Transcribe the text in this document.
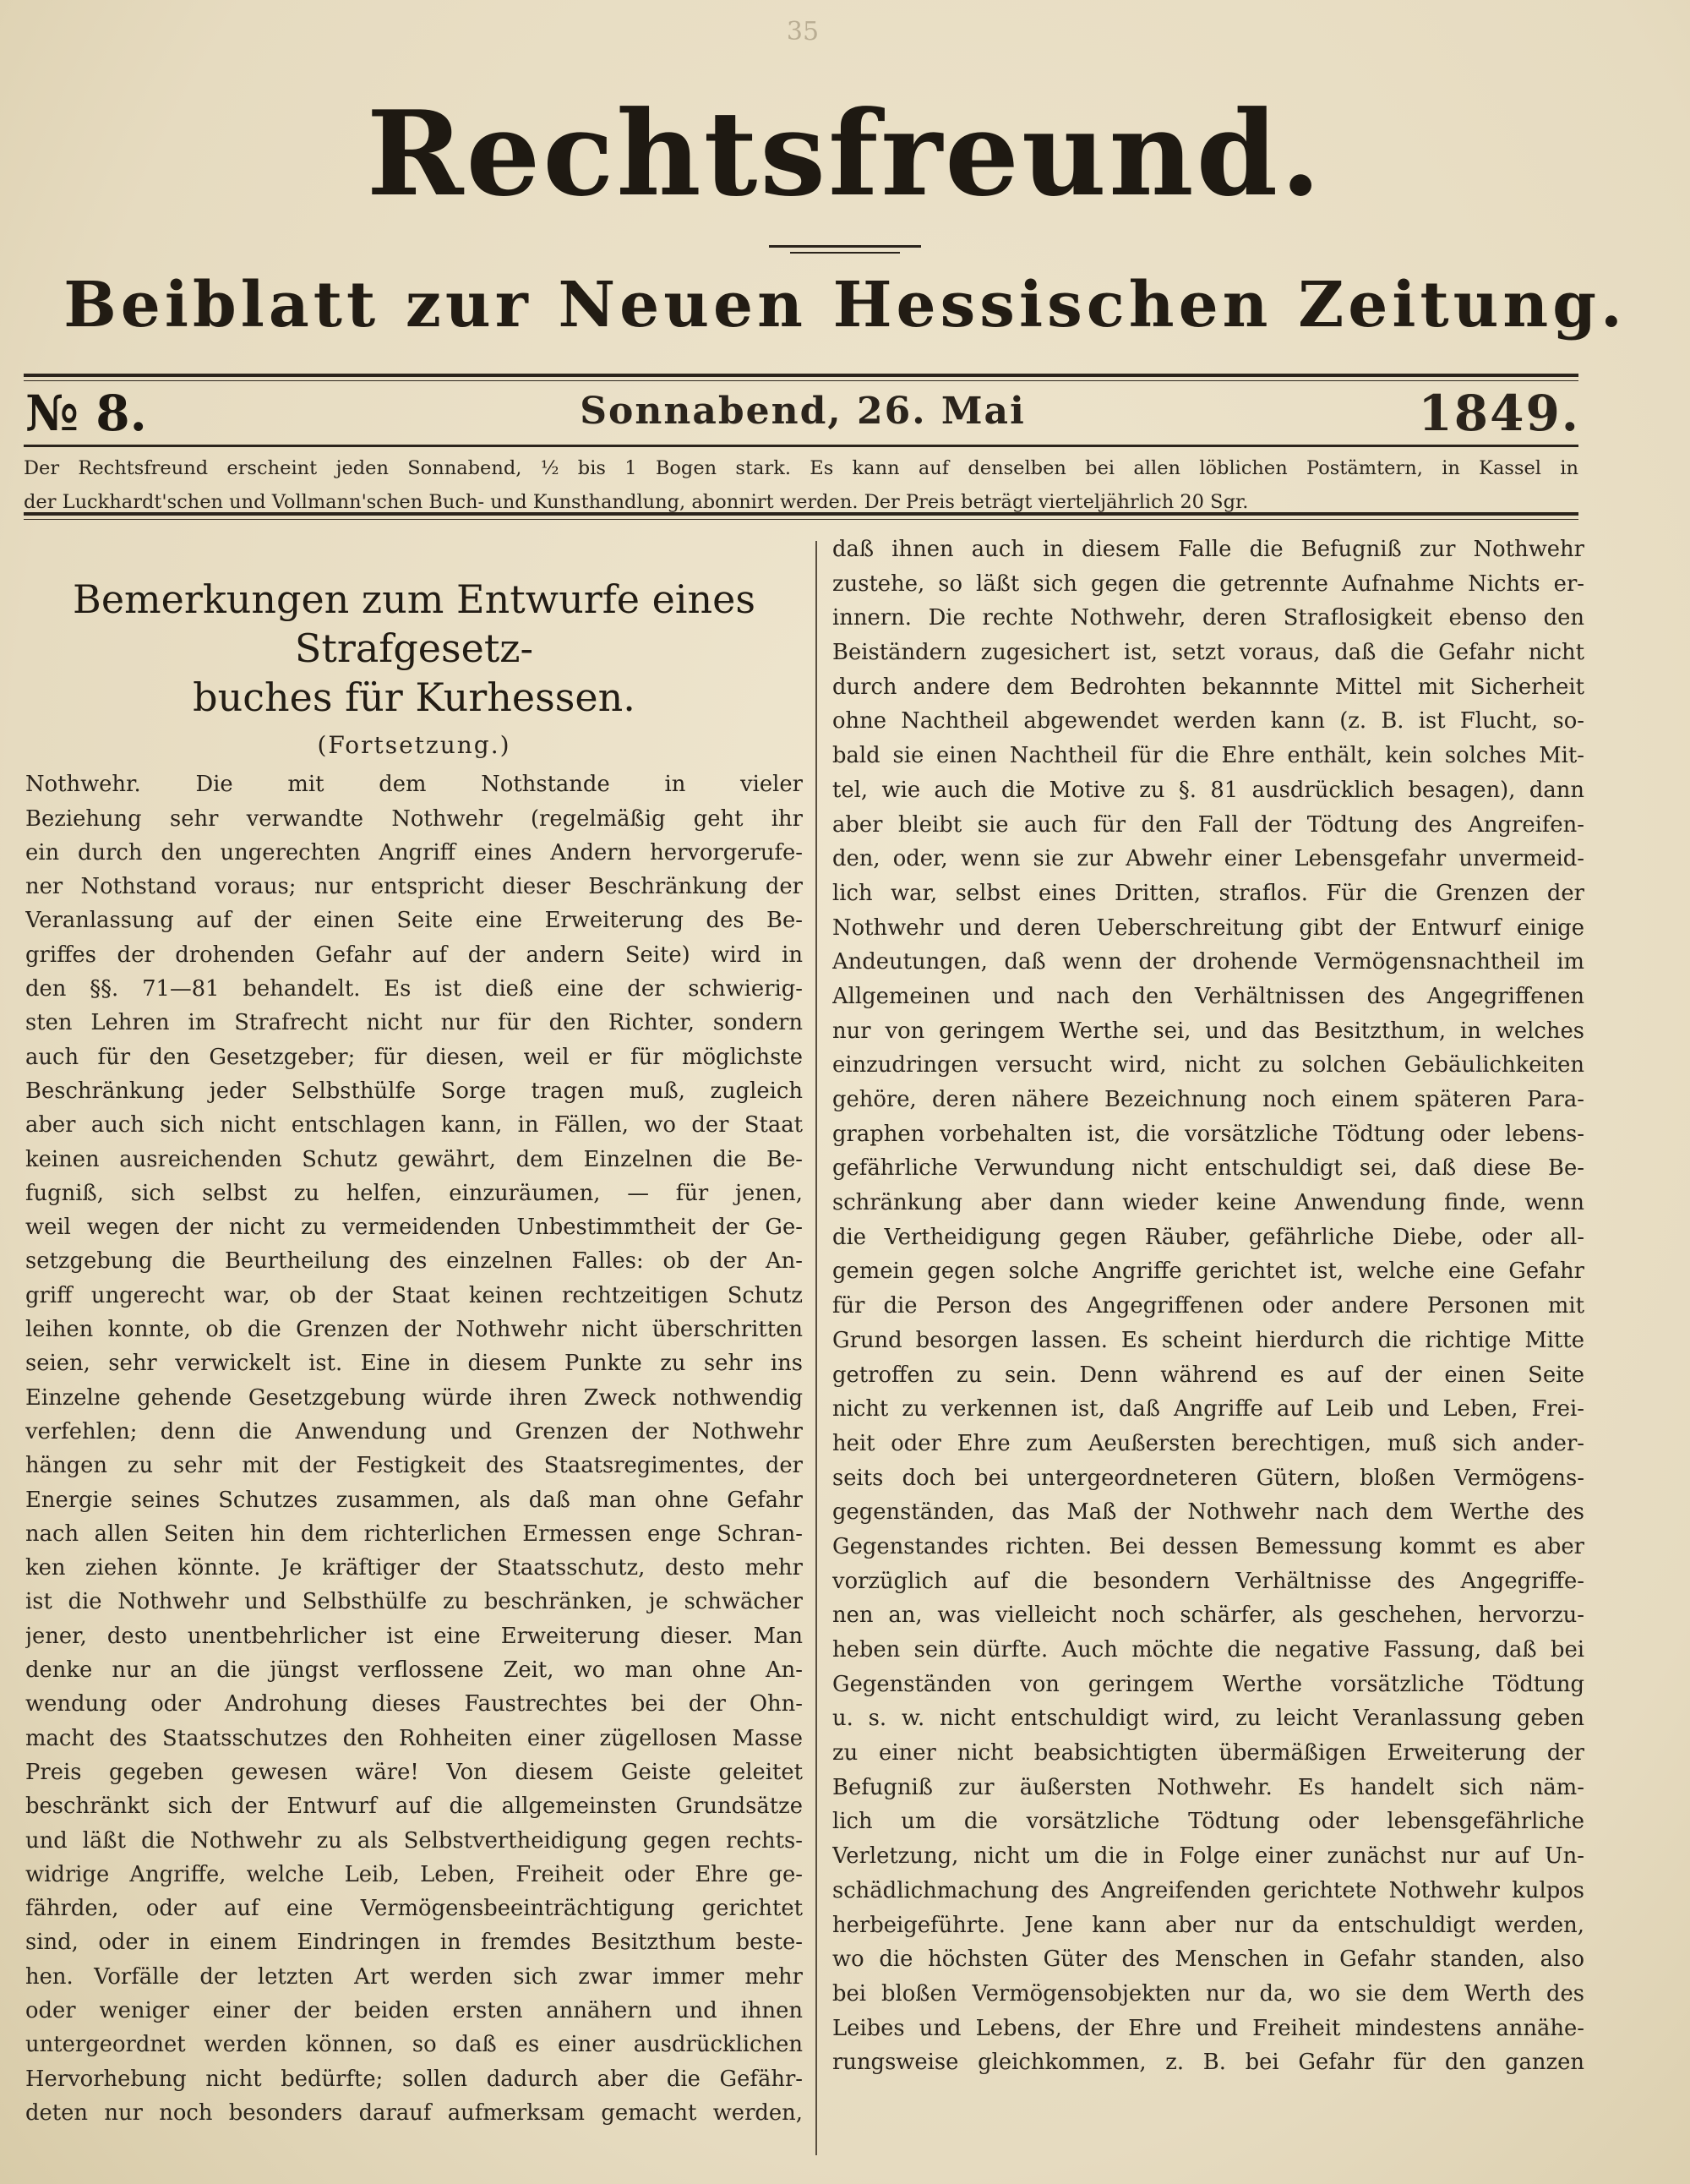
35
Rechtsfreund.
Beiblatt zur Neuen Hessischen Zeitung.
№ 8.	Sonnabend, 26. Mai	1849.
Der Rechtsfreund erscheint jeden Sonnabend, ½ bis 1 Bogen stark. Es kann auf denselben bei allen löblichen Postämtern, in Kassel in
der Luckhardt'schen und Vollmann'schen Buch- und Kunsthandlung, abonnirt werden. Der Preis beträgt vierteljährlich 20 Sgr.
Bemerkungen zum Entwurfe eines Strafgesetz-
buches für Kurhessen.
(Fortsetzung.)
Nothwehr. Die mit dem Nothstande in vieler
Beziehung sehr verwandte Nothwehr (regelmäßig geht ihr
ein durch den ungerechten Angriff eines Andern hervorgerufe-
ner Nothstand voraus; nur entspricht dieser Beschränkung der
Veranlassung auf der einen Seite eine Erweiterung des Be-
griffes der drohenden Gefahr auf der andern Seite) wird in
den §§. 71—81 behandelt. Es ist dieß eine der schwierig-
sten Lehren im Strafrecht nicht nur für den Richter, sondern
auch für den Gesetzgeber; für diesen, weil er für möglichste
Beschränkung jeder Selbsthülfe Sorge tragen muß, zugleich
aber auch sich nicht entschlagen kann, in Fällen, wo der Staat
keinen ausreichenden Schutz gewährt, dem Einzelnen die Be-
fugniß, sich selbst zu helfen, einzuräumen, — für jenen,
weil wegen der nicht zu vermeidenden Unbestimmtheit der Ge-
setzgebung die Beurtheilung des einzelnen Falles: ob der An-
griff ungerecht war, ob der Staat keinen rechtzeitigen Schutz
leihen konnte, ob die Grenzen der Nothwehr nicht überschritten
seien, sehr verwickelt ist. Eine in diesem Punkte zu sehr ins
Einzelne gehende Gesetzgebung würde ihren Zweck nothwendig
verfehlen; denn die Anwendung und Grenzen der Nothwehr
hängen zu sehr mit der Festigkeit des Staatsregimentes, der
Energie seines Schutzes zusammen, als daß man ohne Gefahr
nach allen Seiten hin dem richterlichen Ermessen enge Schran-
ken ziehen könnte. Je kräftiger der Staatsschutz, desto mehr
ist die Nothwehr und Selbsthülfe zu beschränken, je schwächer
jener, desto unentbehrlicher ist eine Erweiterung dieser. Man
denke nur an die jüngst verflossene Zeit, wo man ohne An-
wendung oder Androhung dieses Faustrechtes bei der Ohn-
macht des Staatsschutzes den Rohheiten einer zügellosen Masse
Preis gegeben gewesen wäre! Von diesem Geiste geleitet
beschränkt sich der Entwurf auf die allgemeinsten Grundsätze
und läßt die Nothwehr zu als Selbstvertheidigung gegen rechts-
widrige Angriffe, welche Leib, Leben, Freiheit oder Ehre ge-
fährden, oder auf eine Vermögensbeeinträchtigung gerichtet
sind, oder in einem Eindringen in fremdes Besitzthum beste-
hen. Vorfälle der letzten Art werden sich zwar immer mehr
oder weniger einer der beiden ersten annähern und ihnen
untergeordnet werden können, so daß es einer ausdrücklichen
Hervorhebung nicht bedürfte; sollen dadurch aber die Gefähr-
deten nur noch besonders darauf aufmerksam gemacht werden,
daß ihnen auch in diesem Falle die Befugniß zur Nothwehr
zustehe, so läßt sich gegen die getrennte Aufnahme Nichts er-
innern. Die rechte Nothwehr, deren Straflosigkeit ebenso den
Beiständern zugesichert ist, setzt voraus, daß die Gefahr nicht
durch andere dem Bedrohten bekannnte Mittel mit Sicherheit
ohne Nachtheil abgewendet werden kann (z. B. ist Flucht, so-
bald sie einen Nachtheil für die Ehre enthält, kein solches Mit-
tel, wie auch die Motive zu §. 81 ausdrücklich besagen), dann
aber bleibt sie auch für den Fall der Tödtung des Angreifen-
den, oder, wenn sie zur Abwehr einer Lebensgefahr unvermeid-
lich war, selbst eines Dritten, straflos. Für die Grenzen der
Nothwehr und deren Ueberschreitung gibt der Entwurf einige
Andeutungen, daß wenn der drohende Vermögensnachtheil im
Allgemeinen und nach den Verhältnissen des Angegriffenen
nur von geringem Werthe sei, und das Besitzthum, in welches
einzudringen versucht wird, nicht zu solchen Gebäulichkeiten
gehöre, deren nähere Bezeichnung noch einem späteren Para-
graphen vorbehalten ist, die vorsätzliche Tödtung oder lebens-
gefährliche Verwundung nicht entschuldigt sei, daß diese Be-
schränkung aber dann wieder keine Anwendung finde, wenn
die Vertheidigung gegen Räuber, gefährliche Diebe, oder all-
gemein gegen solche Angriffe gerichtet ist, welche eine Gefahr
für die Person des Angegriffenen oder andere Personen mit
Grund besorgen lassen. Es scheint hierdurch die richtige Mitte
getroffen zu sein. Denn während es auf der einen Seite
nicht zu verkennen ist, daß Angriffe auf Leib und Leben, Frei-
heit oder Ehre zum Aeußersten berechtigen, muß sich ander-
seits doch bei untergeordneteren Gütern, bloßen Vermögens-
gegenständen, das Maß der Nothwehr nach dem Werthe des
Gegenstandes richten. Bei dessen Bemessung kommt es aber
vorzüglich auf die besondern Verhältnisse des Angegriffe-
nen an, was vielleicht noch schärfer, als geschehen, hervorzu-
heben sein dürfte. Auch möchte die negative Fassung, daß bei
Gegenständen von geringem Werthe vorsätzliche Tödtung
u. s. w. nicht entschuldigt wird, zu leicht Veranlassung geben
zu einer nicht beabsichtigten übermäßigen Erweiterung der
Befugniß zur äußersten Nothwehr. Es handelt sich näm-
lich um die vorsätzliche Tödtung oder lebensgefährliche
Verletzung, nicht um die in Folge einer zunächst nur auf Un-
schädlichmachung des Angreifenden gerichtete Nothwehr kulpos
herbeigeführte. Jene kann aber nur da entschuldigt werden,
wo die höchsten Güter des Menschen in Gefahr standen, also
bei bloßen Vermögensobjekten nur da, wo sie dem Werth des
Leibes und Lebens, der Ehre und Freiheit mindestens annähe-
rungsweise gleichkommen, z. B. bei Gefahr für den ganzen
